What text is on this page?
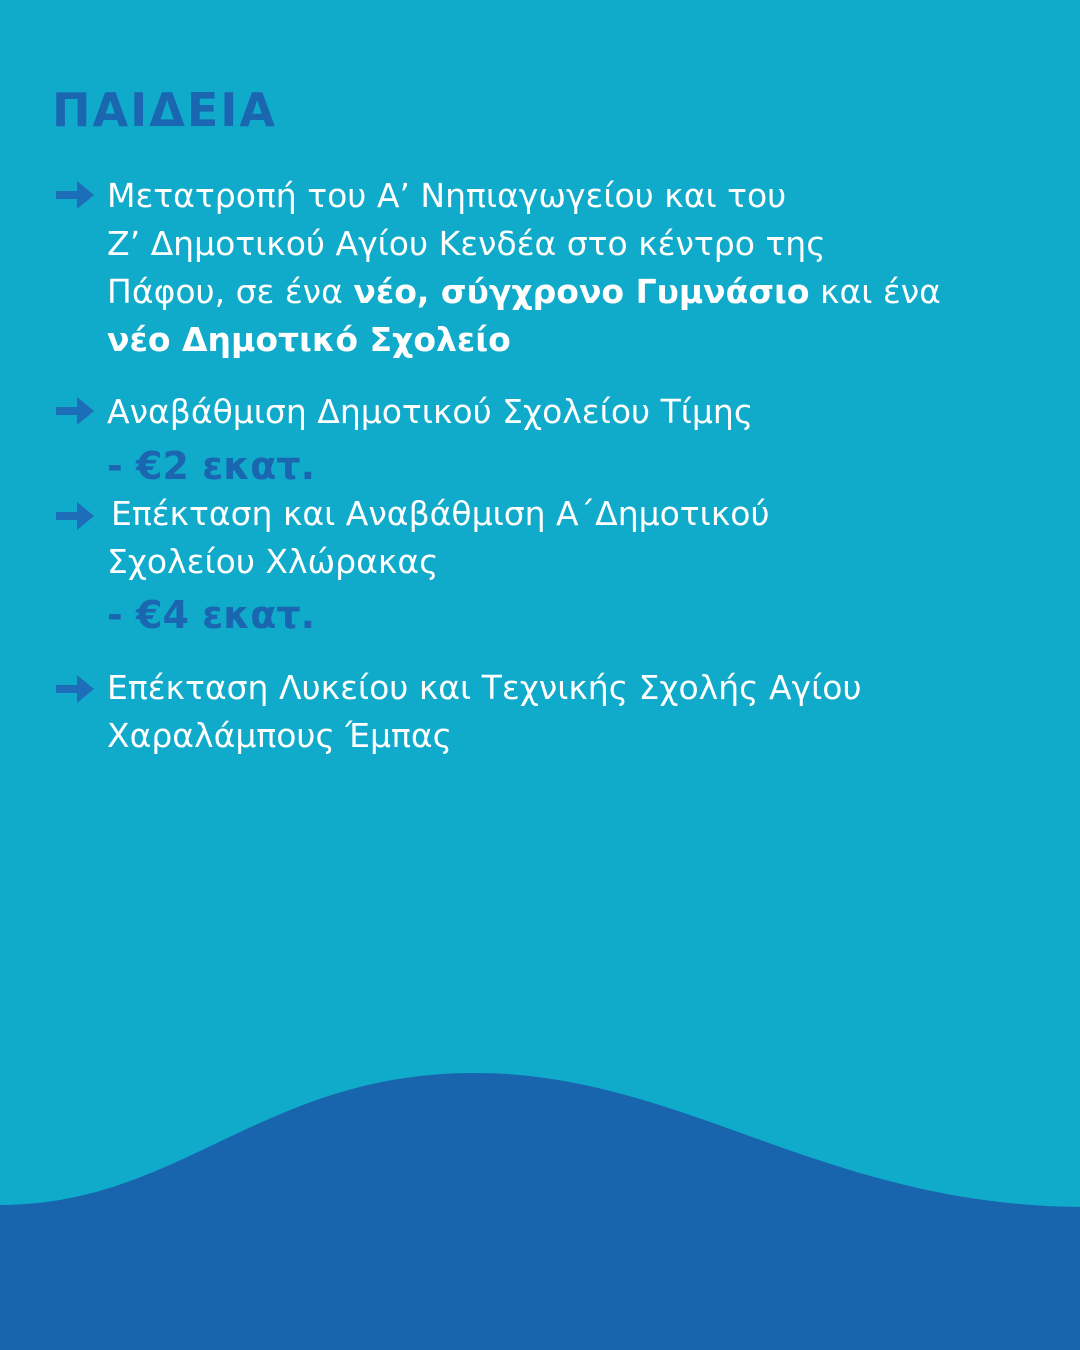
ΠΑΙΔΕΙΑ
Μετατροπή του Α’ Νηπιαγωγείου και του
Ζ’ Δημοτικού Αγίου Κενδέα στο κέντρο της
Πάφου, σε ένα νέο, σύγχρονο Γυμνάσιο και ένα
νέο Δημοτικό Σχολείο
Αναβάθμιση Δημοτικού Σχολείου Τίμης
- €2 εκατ.
Επέκταση και Αναβάθμιση Α΄Δημοτικού
Σχολείου Χλώρακας
- €4 εκατ.
Επέκταση Λυκείου και Τεχνικής Σχολής Αγίου
Χαραλάμπους Έμπας
